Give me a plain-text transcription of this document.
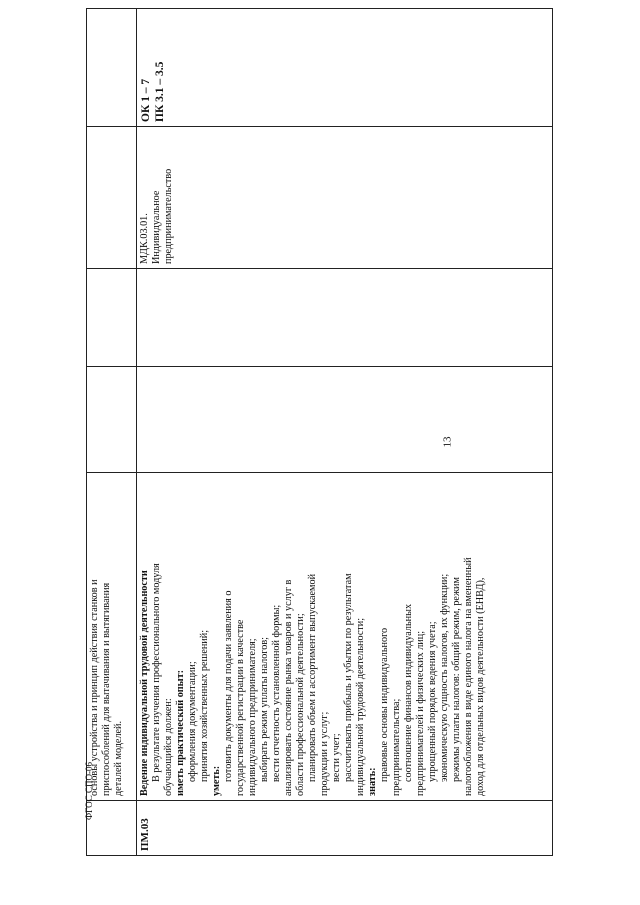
13
основы устройства и принцип действия станков и приспособлений для вытачивания и вытягивания деталей моделей.
ПМ.03
Ведение индивидуальной трудовой деятельности В результате изучения профессионального модуля обучающийся должен: иметь практический опыт: оформления документации; принятия хозяйственных решений; уметь: готовить документы для подачи заявления о государственной регистрации в качестве индивидуального предпринимателя; выбирать режим уплаты налогов; вести отчетность установленной формы; анализировать состояние рынка товаров и услуг в области профессиональной деятельности; планировать объем и ассортимент выпускаемой продукции и услуг; вести учет; рассчитывать прибыль и убытки по результатам индивидуальной трудовой деятельности; знать: правовые основы индивидуального предпринимательства; соотношение финансов индивидуальных предпринимателей и физических лиц; упрощенный порядок ведения учета; экономическую сущность налогов, их функции; режимы уплаты налогов: общий режим, режим налогообложения в виде единого налога на вмененный доход для отдельных видов деятельности (ЕНВД),
МДК.03.01. Индивидуальное предпринимательство
ОК 1 – 7 ПК 3.1 – 3.5
ФГОС СПО-06
